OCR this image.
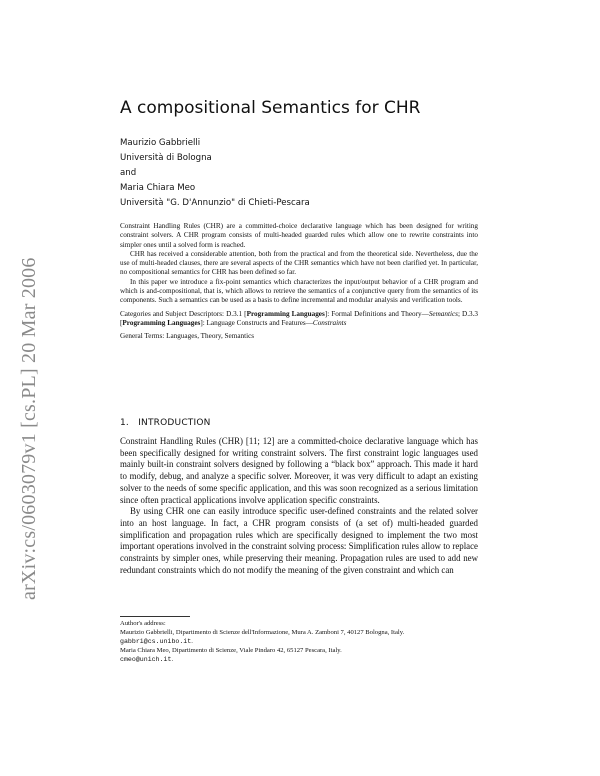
arXiv:cs/0603079v1 [cs.PL] 20 Mar 2006
A compositional Semantics for CHR
Maurizio Gabbrielli
Università di Bologna
and
Maria Chiara Meo
Università "G. D'Annunzio" di Chieti-Pescara

Constraint Handling Rules (CHR) are a committed-choice declarative language which has been designed for writing constraint solvers. A CHR program consists of multi-headed guarded rules which allow one to rewrite constraints into simpler ones until a solved form is reached.

CHR has received a considerable attention, both from the practical and from the theoretical side. Nevertheless, due the use of multi-headed clauses, there are several aspects of the CHR semantics which have not been clarified yet. In particular, no compositional semantics for CHR has been defined so far.

In this paper we introduce a fix-point semantics which characterizes the input/output behavior of a CHR program and which is and-compositional, that is, which allows to retrieve the semantics of a conjunctive query from the semantics of its components. Such a semantics can be used as a basis to define incremental and modular analysis and verification tools.

Categories and Subject Descriptors: D.3.1 [Programming Languages]: Formal Definitions and Theory—Semantics; D.3.3 [Programming Languages]: Language Constructs and Features—Constraints

General Terms: Languages, Theory, Semantics

1. INTRODUCTION

Constraint Handling Rules (CHR) [11; 12] are a committed-choice declarative language which has been specifically designed for writing constraint solvers. The first constraint logic languages used mainly built-in constraint solvers designed by following a “black box” approach. This made it hard to modify, debug, and analyze a specific solver. Moreover, it was very difficult to adapt an existing solver to the needs of some specific application, and this was soon recognized as a serious limitation since often practical applications involve application specific constraints.

By using CHR one can easily introduce specific user-defined constraints and the related solver into an host language. In fact, a CHR program consists of (a set of) multi-headed guarded simplification and propagation rules which are specifically designed to implement the two most important operations involved in the constraint solving process: Simplification rules allow to replace constraints by simpler ones, while preserving their meaning. Propagation rules are used to add new redundant constraints which do not modify the meaning of the given constraint and which can

Author's address:
Maurizio Gabbrielli, Dipartimento di Scienze dell'Informazione, Mura A. Zamboni 7, 40127 Bologna, Italy.
gabbri@cs.unibo.it.
Maria Chiara Meo, Dipartimento di Scienze, Viale Pindaro 42, 65127 Pescara, Italy.
cmeo@unich.it.
